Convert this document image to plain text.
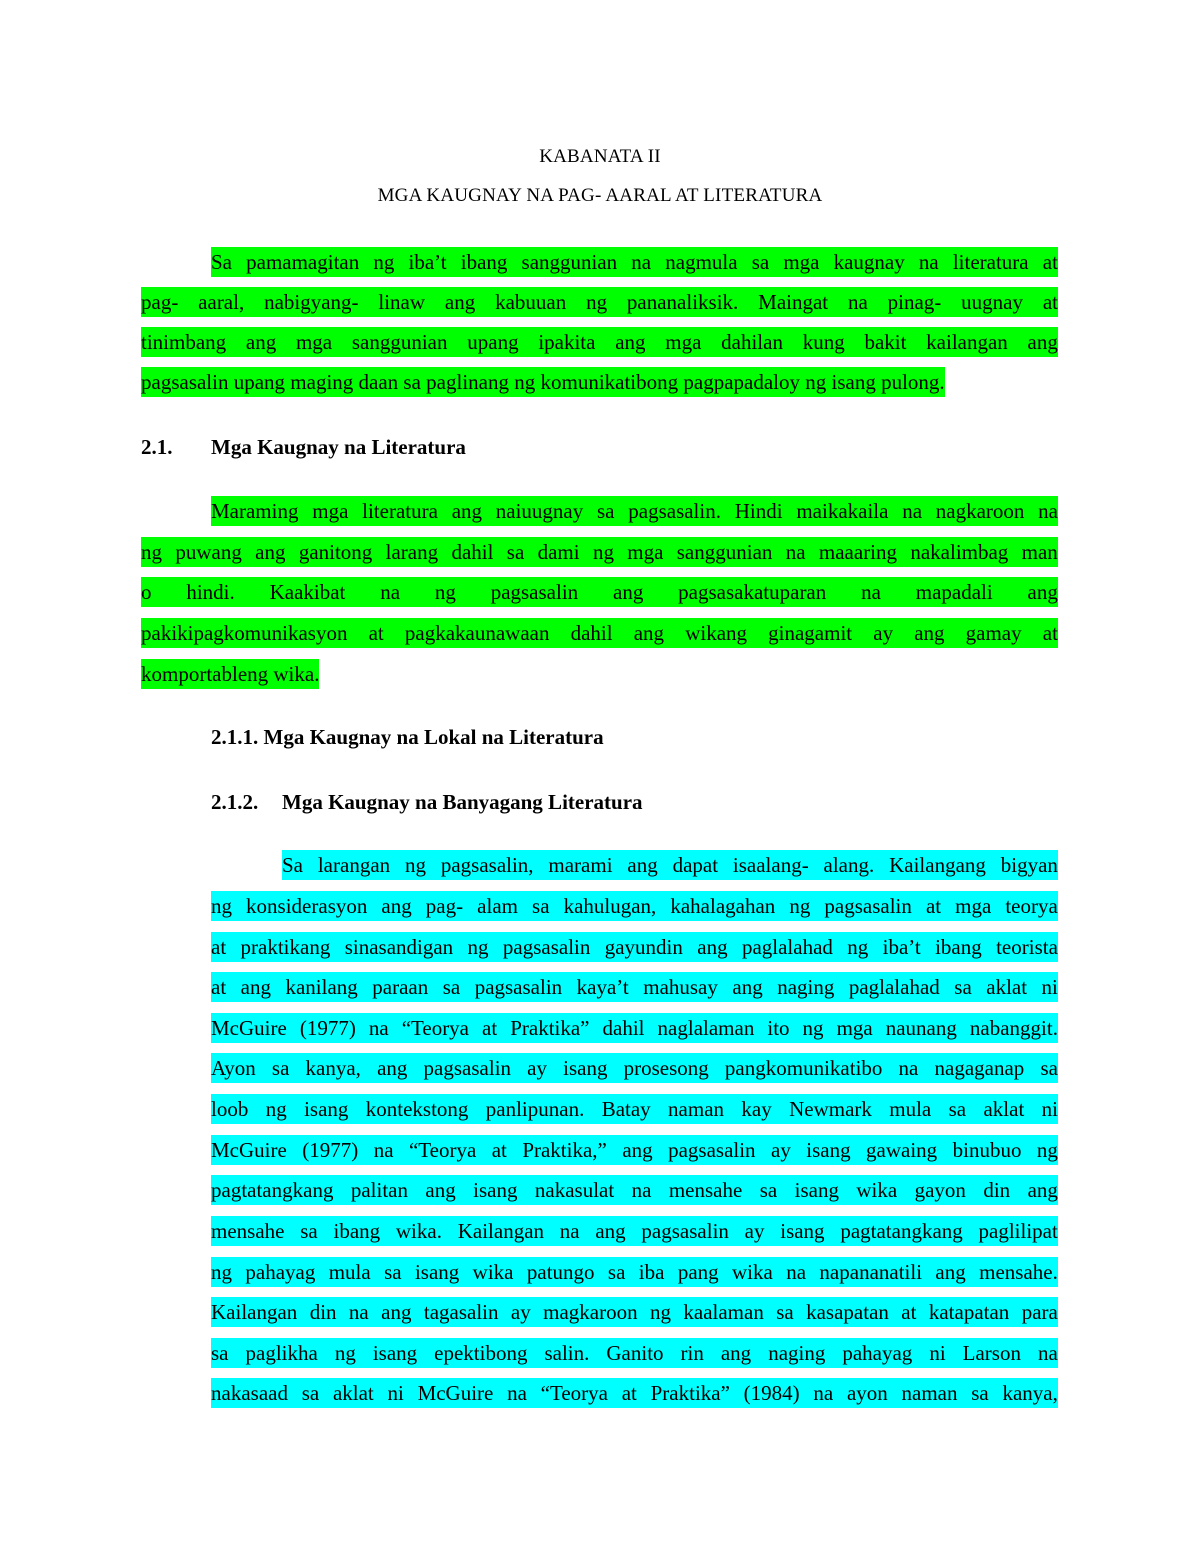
KABANATA II
MGA KAUGNAY NA PAG- AARAL AT LITERATURA
Sa pamamagitan ng iba’t ibang sanggunian na nagmula sa mga kaugnay na literatura at
pag- aaral, nabigyang- linaw ang kabuuan ng pananaliksik. Maingat na pinag- uugnay at
tinimbang ang mga sanggunian upang ipakita ang mga dahilan kung bakit kailangan ang
pagsasalin upang maging daan sa paglinang ng komunikatibong pagpapadaloy ng isang pulong.
2.1. Mga Kaugnay na Literatura
Maraming mga literatura ang naiuugnay sa pagsasalin. Hindi maikakaila na nagkaroon na
ng puwang ang ganitong larang dahil sa dami ng mga sanggunian na maaaring nakalimbag man
o hindi. Kaakibat na ng pagsasalin ang pagsasakatuparan na mapadali ang
pakikipagkomunikasyon at pagkakaunawaan dahil ang wikang ginagamit ay ang gamay at
komportableng wika.
2.1.1. Mga Kaugnay na Lokal na Literatura
2.1.2. Mga Kaugnay na Banyagang Literatura
Sa larangan ng pagsasalin, marami ang dapat isaalang- alang. Kailangang bigyan
ng konsiderasyon ang pag- alam sa kahulugan, kahalagahan ng pagsasalin at mga teorya
at praktikang sinasandigan ng pagsasalin gayundin ang paglalahad ng iba’t ibang teorista
at ang kanilang paraan sa pagsasalin kaya’t mahusay ang naging paglalahad sa aklat ni
McGuire (1977) na “Teorya at Praktika” dahil naglalaman ito ng mga naunang nabanggit.
Ayon sa kanya, ang pagsasalin ay isang prosesong pangkomunikatibo na nagaganap sa
loob ng isang kontekstong panlipunan. Batay naman kay Newmark mula sa aklat ni
McGuire (1977) na “Teorya at Praktika,” ang pagsasalin ay isang gawaing binubuo ng
pagtatangkang palitan ang isang nakasulat na mensahe sa isang wika gayon din ang
mensahe sa ibang wika. Kailangan na ang pagsasalin ay isang pagtatangkang paglilipat
ng pahayag mula sa isang wika patungo sa iba pang wika na napananatili ang mensahe.
Kailangan din na ang tagasalin ay magkaroon ng kaalaman sa kasapatan at katapatan para
sa paglikha ng isang epektibong salin. Ganito rin ang naging pahayag ni Larson na
nakasaad sa aklat ni McGuire na “Teorya at Praktika” (1984) na ayon naman sa kanya,
